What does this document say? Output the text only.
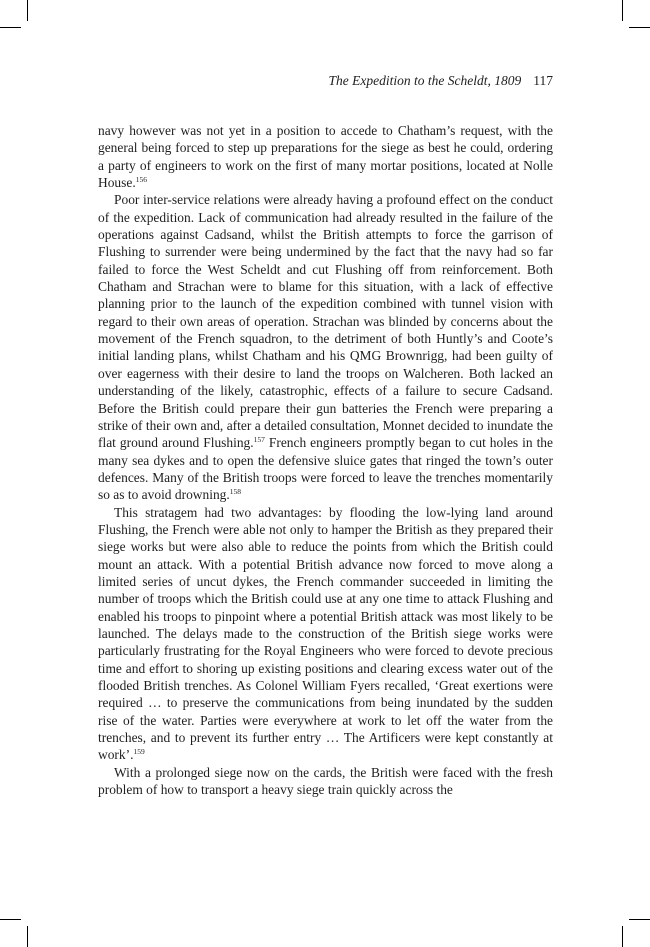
The Expedition to the Scheldt, 1809 117

navy however was not yet in a position to accede to Chatham’s request, with the general being forced to step up preparations for the siege as best he could, ordering a party of engineers to work on the first of many mortar positions, located at Nolle House.$^{156}$

Poor inter-service relations were already having a profound effect on the conduct of the expedition. Lack of communication had already resulted in the failure of the operations against Cadsand, whilst the British attempts to force the garrison of Flushing to surrender were being undermined by the fact that the navy had so far failed to force the West Scheldt and cut Flushing off from reinforcement. Both Chatham and Strachan were to blame for this situation, with a lack of effective planning prior to the launch of the expedition combined with tunnel vision with regard to their own areas of operation. Strachan was blinded by concerns about the movement of the French squadron, to the detriment of both Huntly’s and Coote’s initial landing plans, whilst Chatham and his QMG Brownrigg, had been guilty of over eagerness with their desire to land the troops on Walcheren. Both lacked an understanding of the likely, catastrophic, effects of a failure to secure Cadsand. Before the British could prepare their gun batteries the French were preparing a strike of their own and, after a detailed consultation, Monnet decided to inundate the flat ground around Flushing.$^{157}$ French engineers promptly began to cut holes in the many sea dykes and to open the defensive sluice gates that ringed the town’s outer defences. Many of the British troops were forced to leave the trenches momentarily so as to avoid drowning.$^{158}$

This stratagem had two advantages: by flooding the low-lying land around Flushing, the French were able not only to hamper the British as they prepared their siege works but were also able to reduce the points from which the British could mount an attack. With a potential British advance now forced to move along a limited series of uncut dykes, the French commander succeeded in limiting the number of troops which the British could use at any one time to attack Flushing and enabled his troops to pinpoint where a potential British attack was most likely to be launched. The delays made to the construction of the British siege works were particularly frustrating for the Royal Engineers who were forced to devote precious time and effort to shoring up existing positions and clearing excess water out of the flooded British trenches. As Colonel William Fyers recalled, ‘Great exertions were required … to preserve the communications from being inundated by the sudden rise of the water. Parties were everywhere at work to let off the water from the trenches, and to prevent its further entry … The Artificers were kept constantly at work’.$^{159}$

With a prolonged siege now on the cards, the British were faced with the fresh problem of how to transport a heavy siege train quickly across the
